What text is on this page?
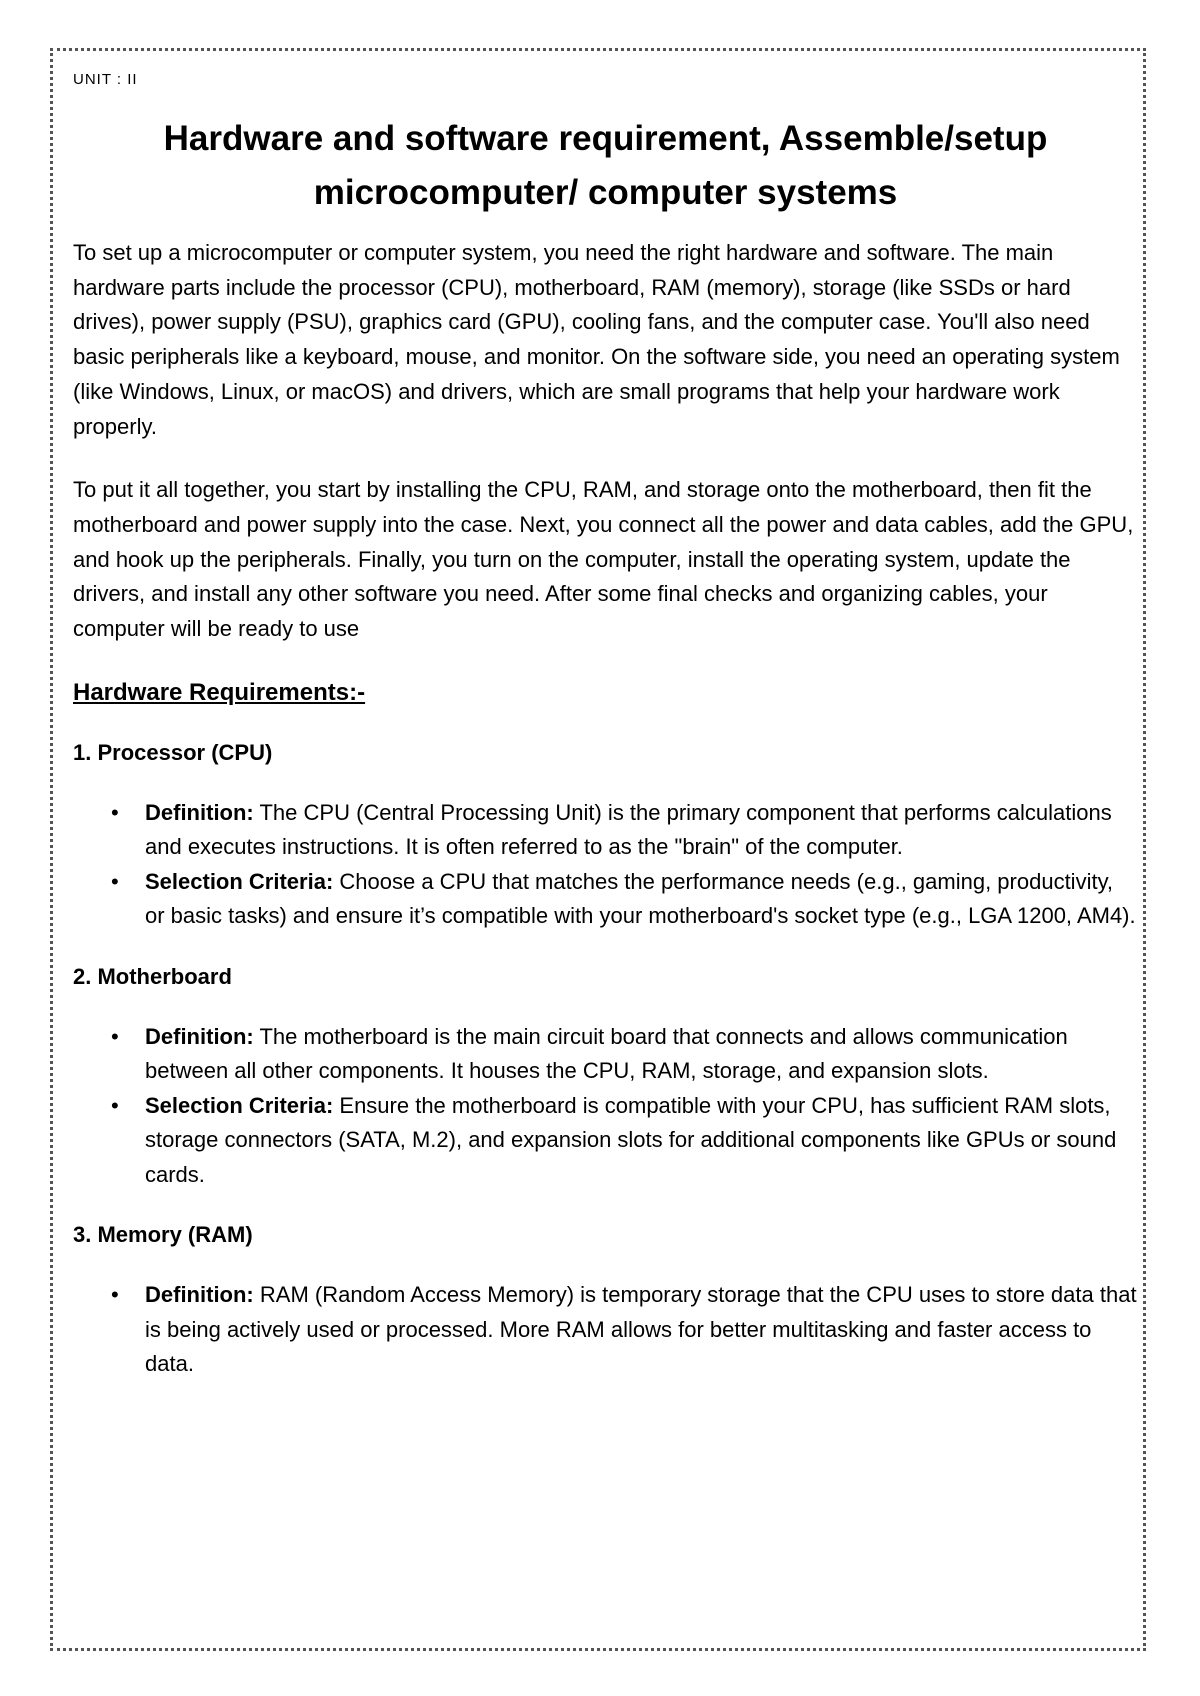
UNIT : II
Hardware and software requirement, Assemble/setup
microcomputer/ computer systems

To set up a microcomputer or computer system, you need the right hardware and software. The main hardware parts include the processor (CPU), motherboard, RAM (memory), storage (like SSDs or hard drives), power supply (PSU), graphics card (GPU), cooling fans, and the computer case. You'll also need basic peripherals like a keyboard, mouse, and monitor. On the software side, you need an operating system (like Windows, Linux, or macOS) and drivers, which are small programs that help your hardware work properly.

To put it all together, you start by installing the CPU, RAM, and storage onto the motherboard, then fit the motherboard and power supply into the case. Next, you connect all the power and data cables, add the GPU, and hook up the peripherals. Finally, you turn on the computer, install the operating system, update the drivers, and install any other software you need. After some final checks and organizing cables, your computer will be ready to use

Hardware Requirements:-
1. Processor (CPU)
• Definition: The CPU (Central Processing Unit) is the primary component that performs calculations and executes instructions. It is often referred to as the "brain" of the computer.
• Selection Criteria: Choose a CPU that matches the performance needs (e.g., gaming, productivity, or basic tasks) and ensure it’s compatible with your motherboard's socket type (e.g., LGA 1200, AM4).
2. Motherboard
• Definition: The motherboard is the main circuit board that connects and allows communication between all other components. It houses the CPU, RAM, storage, and expansion slots.
• Selection Criteria: Ensure the motherboard is compatible with your CPU, has sufficient RAM slots, storage connectors (SATA, M.2), and expansion slots for additional components like GPUs or sound cards.
3. Memory (RAM)
• Definition: RAM (Random Access Memory) is temporary storage that the CPU uses to store data that is being actively used or processed. More RAM allows for better multitasking and faster access to data.
